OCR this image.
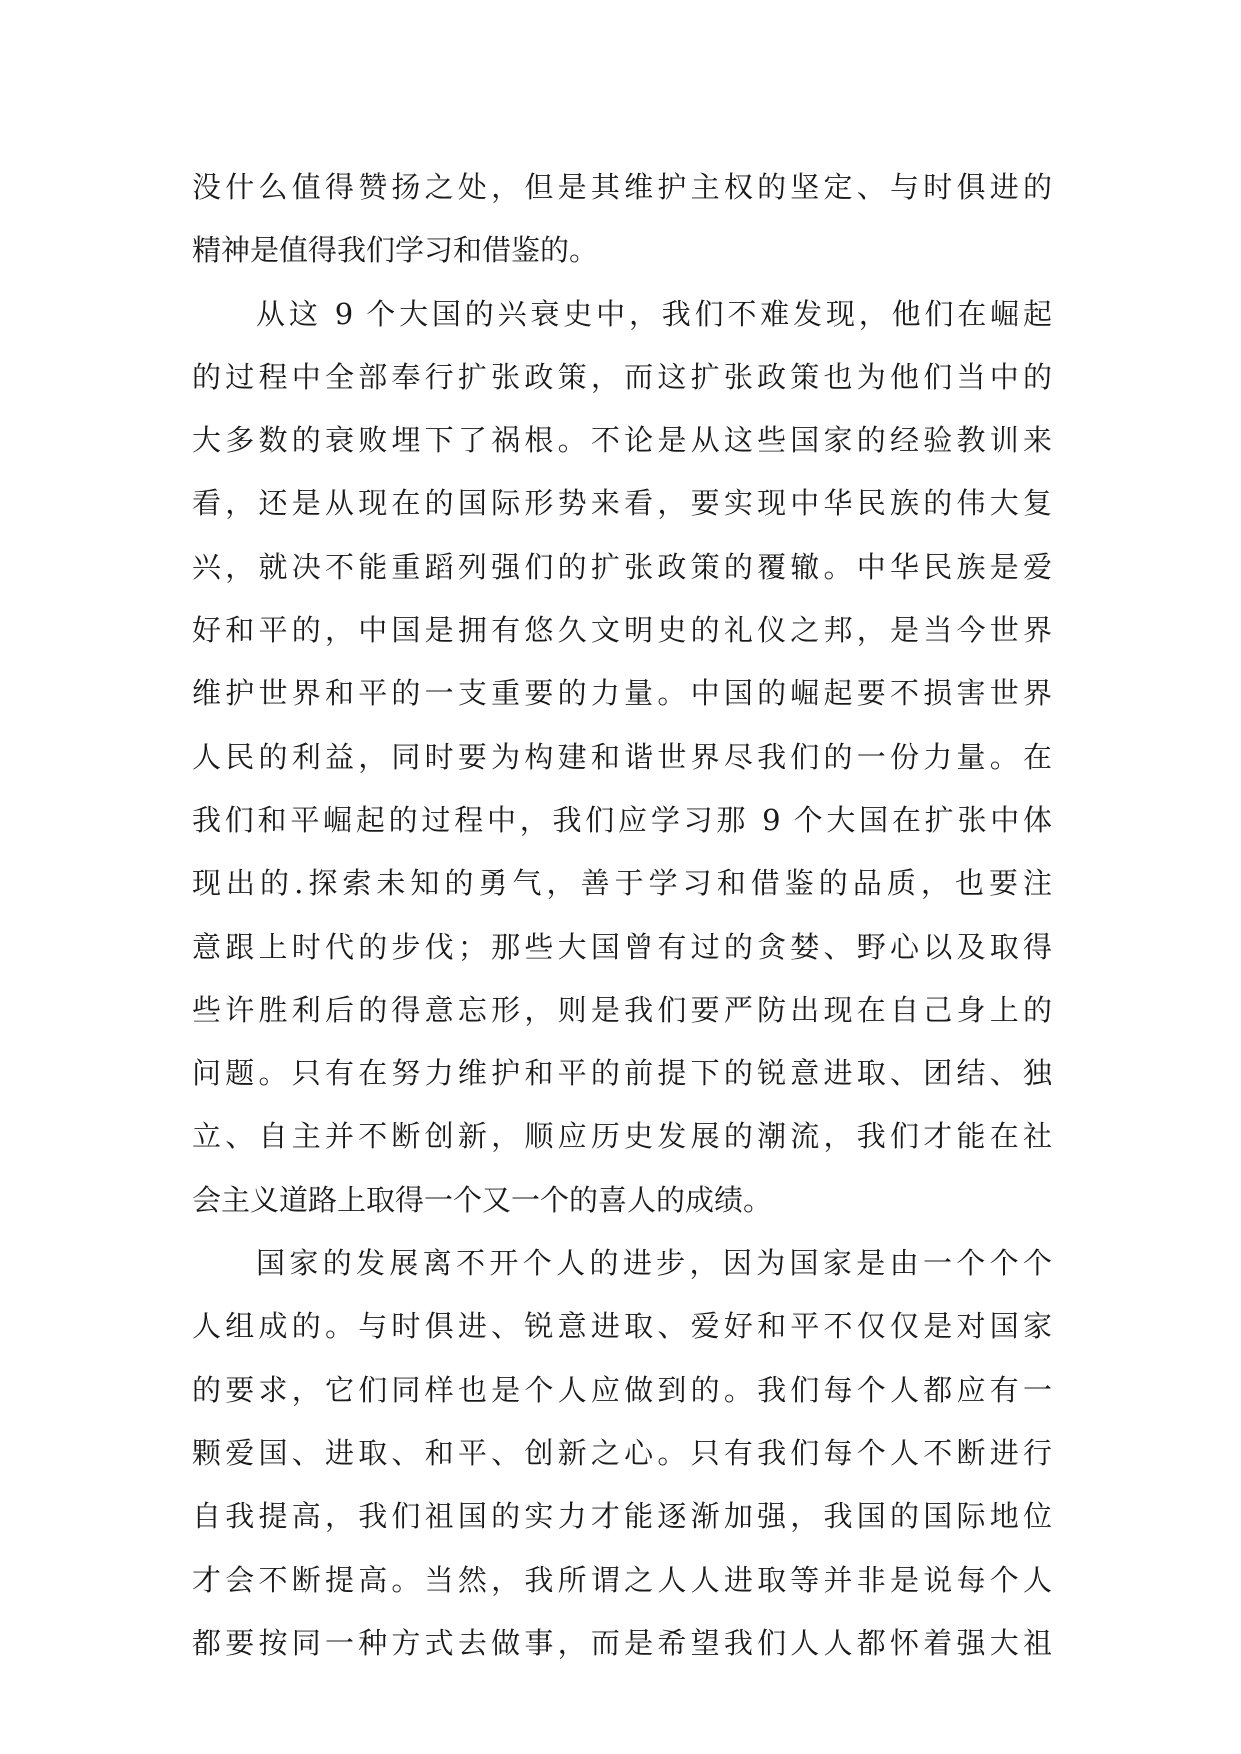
没什么值得赞扬之处，但是其维护主权的坚定、与时俱进的
精神是值得我们学习和借鉴的。
从这 9 个大国的兴衰史中，我们不难发现，他们在崛起
的过程中全部奉行扩张政策，而这扩张政策也为他们当中的
大多数的衰败埋下了祸根。不论是从这些国家的经验教训来
看，还是从现在的国际形势来看，要实现中华民族的伟大复
兴，就决不能重蹈列强们的扩张政策的覆辙。中华民族是爱
好和平的，中国是拥有悠久文明史的礼仪之邦，是当今世界
维护世界和平的一支重要的力量。中国的崛起要不损害世界
人民的利益，同时要为构建和谐世界尽我们的一份力量。在
我们和平崛起的过程中，我们应学习那 9 个大国在扩张中体
现出的.探索未知的勇气，善于学习和借鉴的品质，也要注
意跟上时代的步伐；那些大国曾有过的贪婪、野心以及取得
些许胜利后的得意忘形，则是我们要严防出现在自己身上的
问题。只有在努力维护和平的前提下的锐意进取、团结、独
立、自主并不断创新，顺应历史发展的潮流，我们才能在社
会主义道路上取得一个又一个的喜人的成绩。
国家的发展离不开个人的进步，因为国家是由一个个个
人组成的。与时俱进、锐意进取、爱好和平不仅仅是对国家
的要求，它们同样也是个人应做到的。我们每个人都应有一
颗爱国、进取、和平、创新之心。只有我们每个人不断进行
自我提高，我们祖国的实力才能逐渐加强，我国的国际地位
才会不断提高。当然，我所谓之人人进取等并非是说每个人
都要按同一种方式去做事，而是希望我们人人都怀着强大祖
